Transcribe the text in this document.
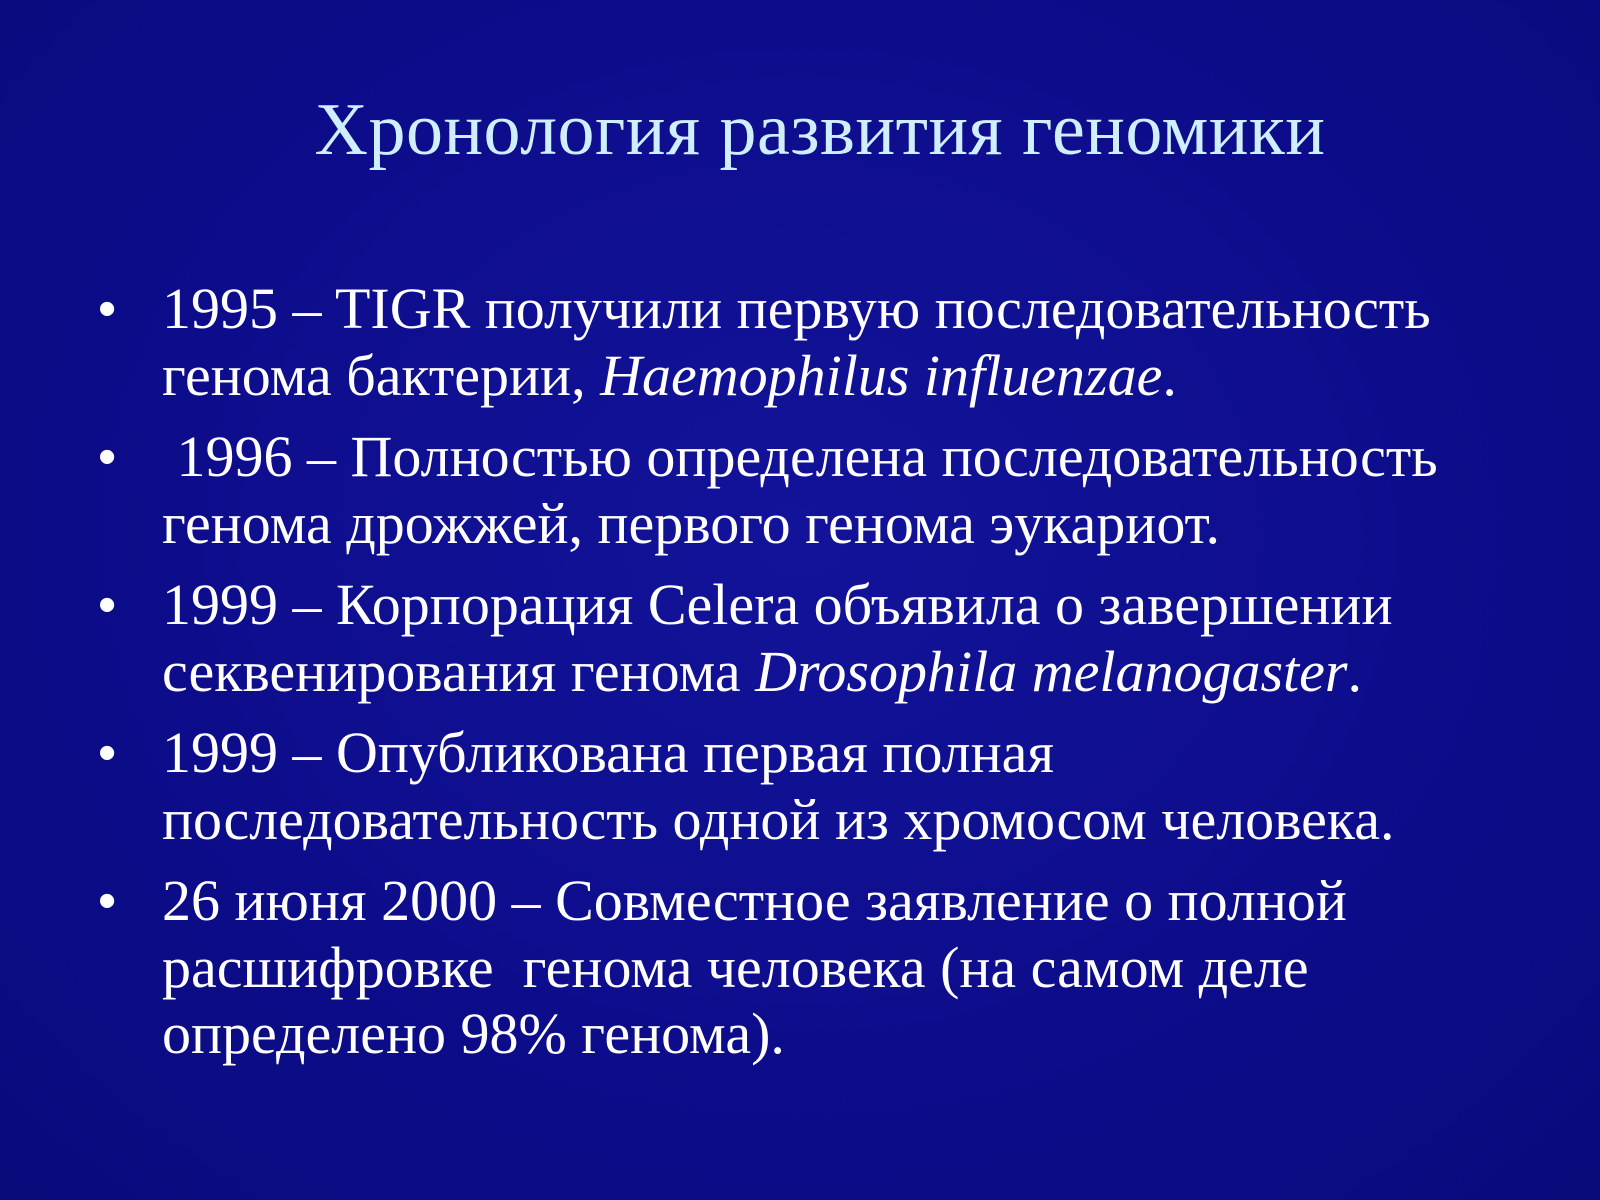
Хронология развития геномики
• 1995 – TIGR получили первую последовательность
генома бактерии, Haemophilus influenzae.
• 1996 – Полностью определена последовательность
генома дрожжей, первого генома эукариот.
• 1999 – Корпорация Celera объявила о завершении
секвенирования генома Drosophila melanogaster.
• 1999 – Опубликована первая полная
последовательность одной из хромосом человека.
• 26 июня 2000 – Совместное заявление о полной
расшифровке  генома человека (на самом деле
определено 98% генома).
